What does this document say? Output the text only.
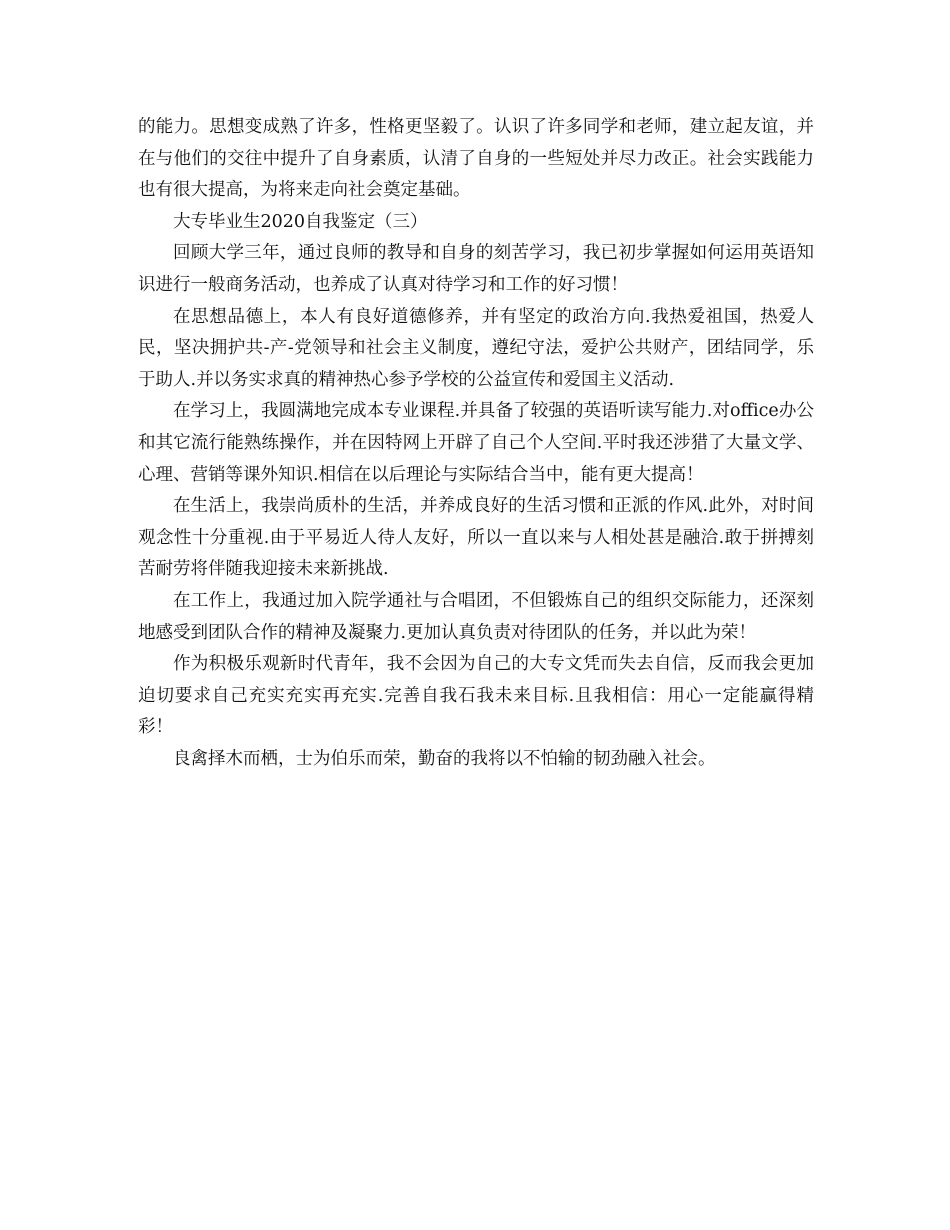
的能力。思想变成熟了许多，性格更坚毅了。认识了许多同学和老师，建立起友谊，并在与他们的交往中提升了自身素质，认清了自身的一些短处并尽力改正。社会实践能力也有很大提高，为将来走向社会奠定基础。

大专毕业生2020自我鉴定（三）

回顾大学三年，通过良师的教导和自身的刻苦学习，我已初步掌握如何运用英语知识进行一般商务活动，也养成了认真对待学习和工作的好习惯！

在思想品德上，本人有良好道德修养，并有坚定的政治方向.我热爱祖国，热爱人民，坚决拥护共-产-党领导和社会主义制度，遵纪守法，爱护公共财产，团结同学，乐于助人.并以务实求真的精神热心参予学校的公益宣传和爱国主义活动.

在学习上，我圆满地完成本专业课程.并具备了较强的英语听读写能力.对office办公和其它流行能熟练操作，并在因特网上开辟了自己个人空间.平时我还涉猎了大量文学、心理、营销等课外知识.相信在以后理论与实际结合当中，能有更大提高！

在生活上，我崇尚质朴的生活，并养成良好的生活习惯和正派的作风.此外，对时间观念性十分重视.由于平易近人待人友好，所以一直以来与人相处甚是融洽.敢于拼搏刻苦耐劳将伴随我迎接未来新挑战.

在工作上，我通过加入院学通社与合唱团，不但锻炼自己的组织交际能力，还深刻地感受到团队合作的精神及凝聚力.更加认真负责对待团队的任务，并以此为荣！

作为积极乐观新时代青年，我不会因为自己的大专文凭而失去自信，反而我会更加迫切要求自己充实充实再充实.完善自我石我未来目标.且我相信：用心一定能赢得精彩！

良禽择木而栖，士为伯乐而荣，勤奋的我将以不怕输的韧劲融入社会。
